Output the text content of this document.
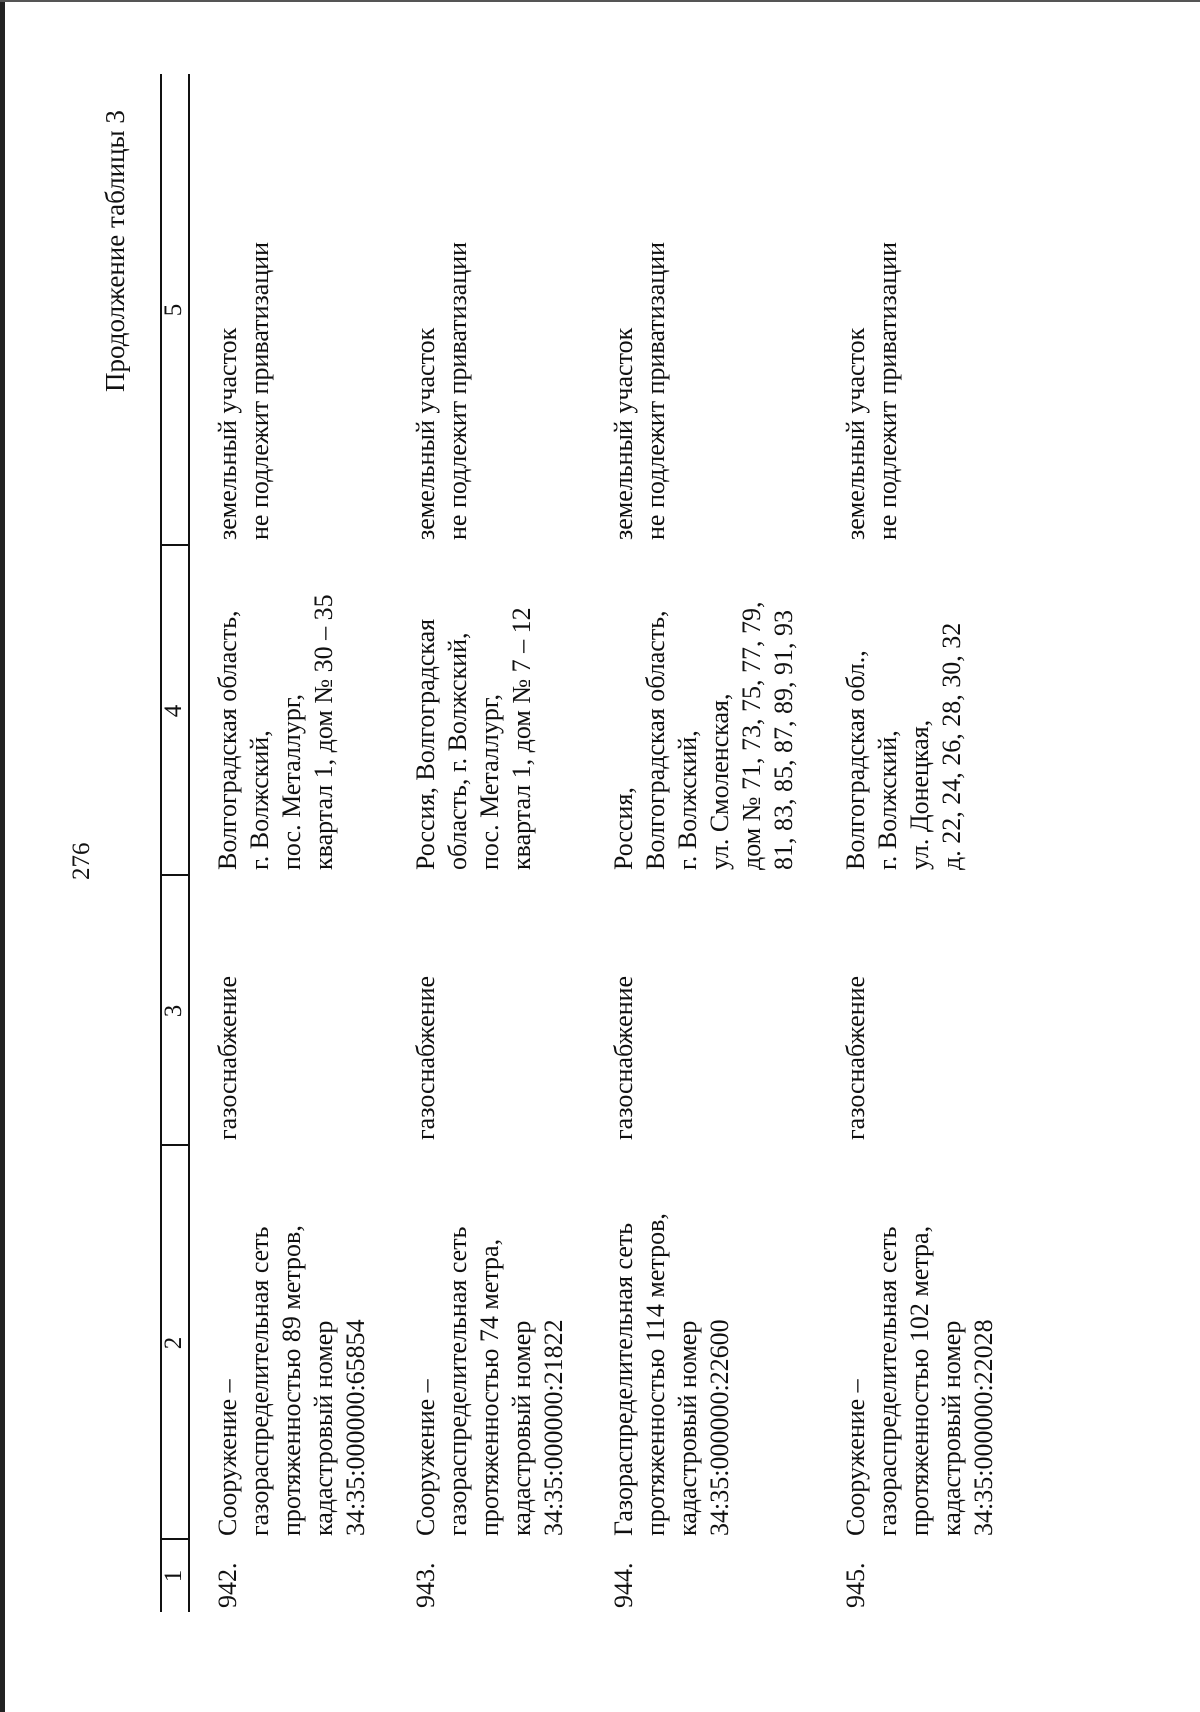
276
Продолжение таблицы 3
1
2
3
4
5
942.
Сооружение – газораспределительная сеть протяженностью 89 метров, кадастровый номер 34:35:000000:65854
газоснабжение
Волгоградская область, г. Волжский, пос. Металлург, квартал 1, дом № 30 – 35
земельный участок не подлежит приватизации
943.
Сооружение – газораспределительная сеть протяженностью 74 метра, кадастровый номер 34:35:000000:21822
газоснабжение
Россия, Волгоградская область, г. Волжский, пос. Металлург, квартал 1, дом № 7 – 12
земельный участок не подлежит приватизации
944.
Газораспределительная сеть протяженностью 114 метров, кадастровый номер 34:35:000000:22600
газоснабжение
Россия, Волгоградская область, г. Волжский, ул. Смоленская, дом № 71, 73, 75, 77, 79, 81, 83, 85, 87, 89, 91, 93
земельный участок не подлежит приватизации
945.
Сооружение – газораспределительная сеть протяженностью 102 метра, кадастровый номер 34:35:000000:22028
газоснабжение
Волгоградская обл., г. Волжский, ул. Донецкая, д. 22, 24, 26, 28, 30, 32
земельный участок не подлежит приватизации
